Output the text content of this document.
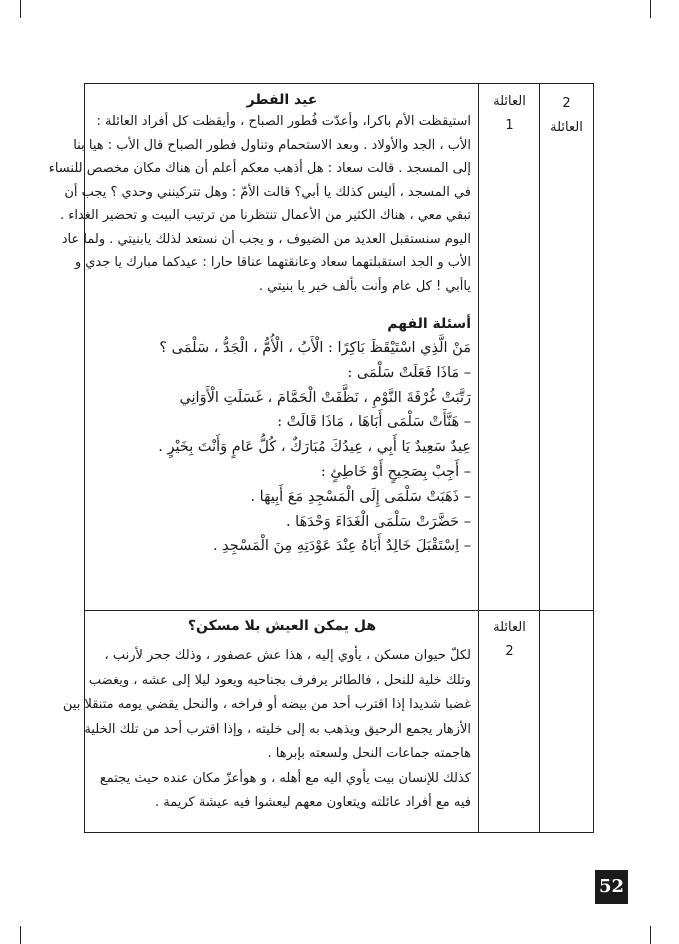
2
العائلة
العائلة
1
عيد الفطر
استيقظت الأم باكرا، وأعدّت فُطور الصباح ، وأيقظت كل أفراد العائلة :
الأب ، الجد والأولاد . وبعد الاستحمام وتناول فطور الصباح قال الأب : هيا بنا
إلى المسجد . قالت سعاد : هل أذهب معكم أعلم أن هناك مكان مخصص للنساء
في المسجد ، أليس كذلك يا أبي؟ قالت الأمّ : وهل تتركينني وحدي ؟ يجب أن
تبقي معي ، هناك الكثير من الأعمال تنتظرنا من ترتيب البيت و تحضير الغداء .
اليوم سنستقبل العديد من الضيوف ، و يجب أن نستعد لذلك يابنيتي . ولما عاد
الأب و الجد استقبلتهما سعاد وعانقتهما عناقا حارا : عيدكما مبارك يا جدي و
ياأبي ! كل عام وأنت بألف خير يا بنيتي .
أسئلة الفهم
مَنْ الَّذِي اسْتَيْقَظَ بَاكِرًا : الْأَبُ ، الْأُمُّ ، الْجَدُّ ، سَلْمَى ؟
– مَاذَا فَعَلَتْ سَلْمَى :
رَتَّبَتْ غُرْفَةَ النَّوْمِ ، نَظَّفَتْ الْحَمَّامَ ، غَسَلَتِ الْأَوَانِي
– هَنَّأَتْ سَلْمَى أَبَاهَا ، مَاذَا قَالَتْ :
عِيدٌ سَعِيدٌ يَا أَبِي ، عِيدُكَ مُبَارَكٌ ، كُلُّ عَامٍ وَأَنْتَ بِخَيْرٍ .
– أَجِبْ بِصَحِيحٍ أَوْ خَاطِئٍ :
– ذَهَبَتْ سَلْمَى إِلَى الْمَسْجِدِ مَعَ أَبِيهَا .
– حَضَّرَتْ سَلْمَى الْغَدَاءَ وَحْدَهَا .
– اِسْتَقْبَلَ خَالِدٌ أَبَاهُ عِنْدَ عَوْدَتِهِ مِنَ الْمَسْجِدِ .
العائلة
2
هل يمكن العيش بلا مسكن؟
لكلّ حيوان مسكن ، يأوي إليه ، هذا عش عصفور ، وذلك جحر لأرنب ،
وتلك خلية للنحل ، فالطائر يرفرف بجناحيه ويعود ليلا إلى عشه ، ويغضب
غضبا شديدا إذا اقترب أحد من بيضه أو فراخه ، والنحل يقضي يومه متنقلا بين
الأزهار يجمع الرحيق ويذهب به إلى خليته ، وإذا اقترب أحد من تلك الخلية
هاجمته جماعات النحل ولسعته بإبرها .
كذلك للإنسان بيت يأوي اليه مع أهله ، و هوأعزّ مكان عنده حيث يجتمع
فيه مع أفراد عائلته ويتعاون معهم ليعشوا فيه عيشة كريمة .
52
